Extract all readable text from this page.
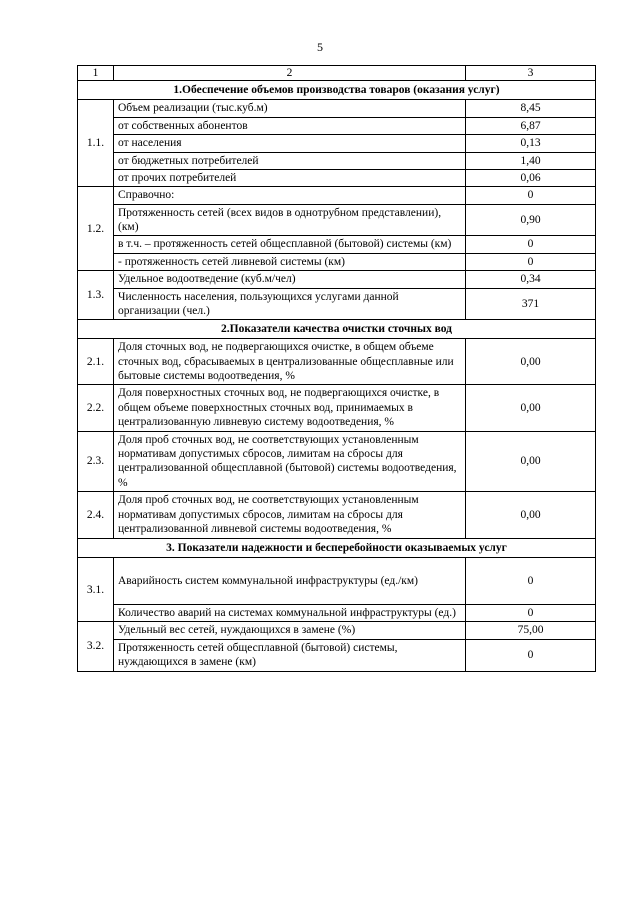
5
1	2	3
1.Обеспечение объемов производства товаров (оказания услуг)		
1.1.	Объем реализации (тыс.куб.м)	8,45
	от собственных абонентов	6,87
	от населения	0,13
	от бюджетных потребителей	1,40
	от прочих потребителей	0,06
1.2.	Справочно:	0
	Протяженность сетей (всех видов в однотрубном представлении), (км)	0,90
	в т.ч. – протяженность сетей общесплавной (бытовой) системы (км)	0
	- протяженность сетей ливневой системы (км)	0
1.3.	Удельное водоотведение (куб.м/чел)	0,34
	Численность населения, пользующихся услугами данной организации (чел.)	371
2.Показатели качества очистки сточных вод		
2.1.	Доля сточных вод, не подвергающихся очистке, в общем объеме сточных вод, сбрасываемых в централизованные общесплавные или бытовые системы водоотведения, %	0,00
2.2.	Доля поверхностных сточных вод, не подвергающихся очистке, в общем объеме поверхностных сточных вод, принимаемых в централизованную ливневую систему водоотведения, %	0,00
2.3.	Доля проб сточных вод, не соответствующих установленным нормативам допустимых сбросов, лимитам на сбросы для централизованной общесплавной (бытовой) системы водоотведения, %	0,00
2.4.	Доля проб сточных вод, не соответствующих установленным нормативам допустимых сбросов, лимитам на сбросы для централизованной ливневой системы водоотведения, %	0,00
3. Показатели надежности и бесперебойности оказываемых услуг		
3.1.	Аварийность систем коммунальной инфраструктуры (ед./км)	0
	Количество аварий на системах коммунальной инфраструктуры (ед.)	0
3.2.	Удельный вес сетей, нуждающихся в замене (%)	75,00
	Протяженность сетей общесплавной (бытовой) системы, нуждающихся в замене (км)	0
